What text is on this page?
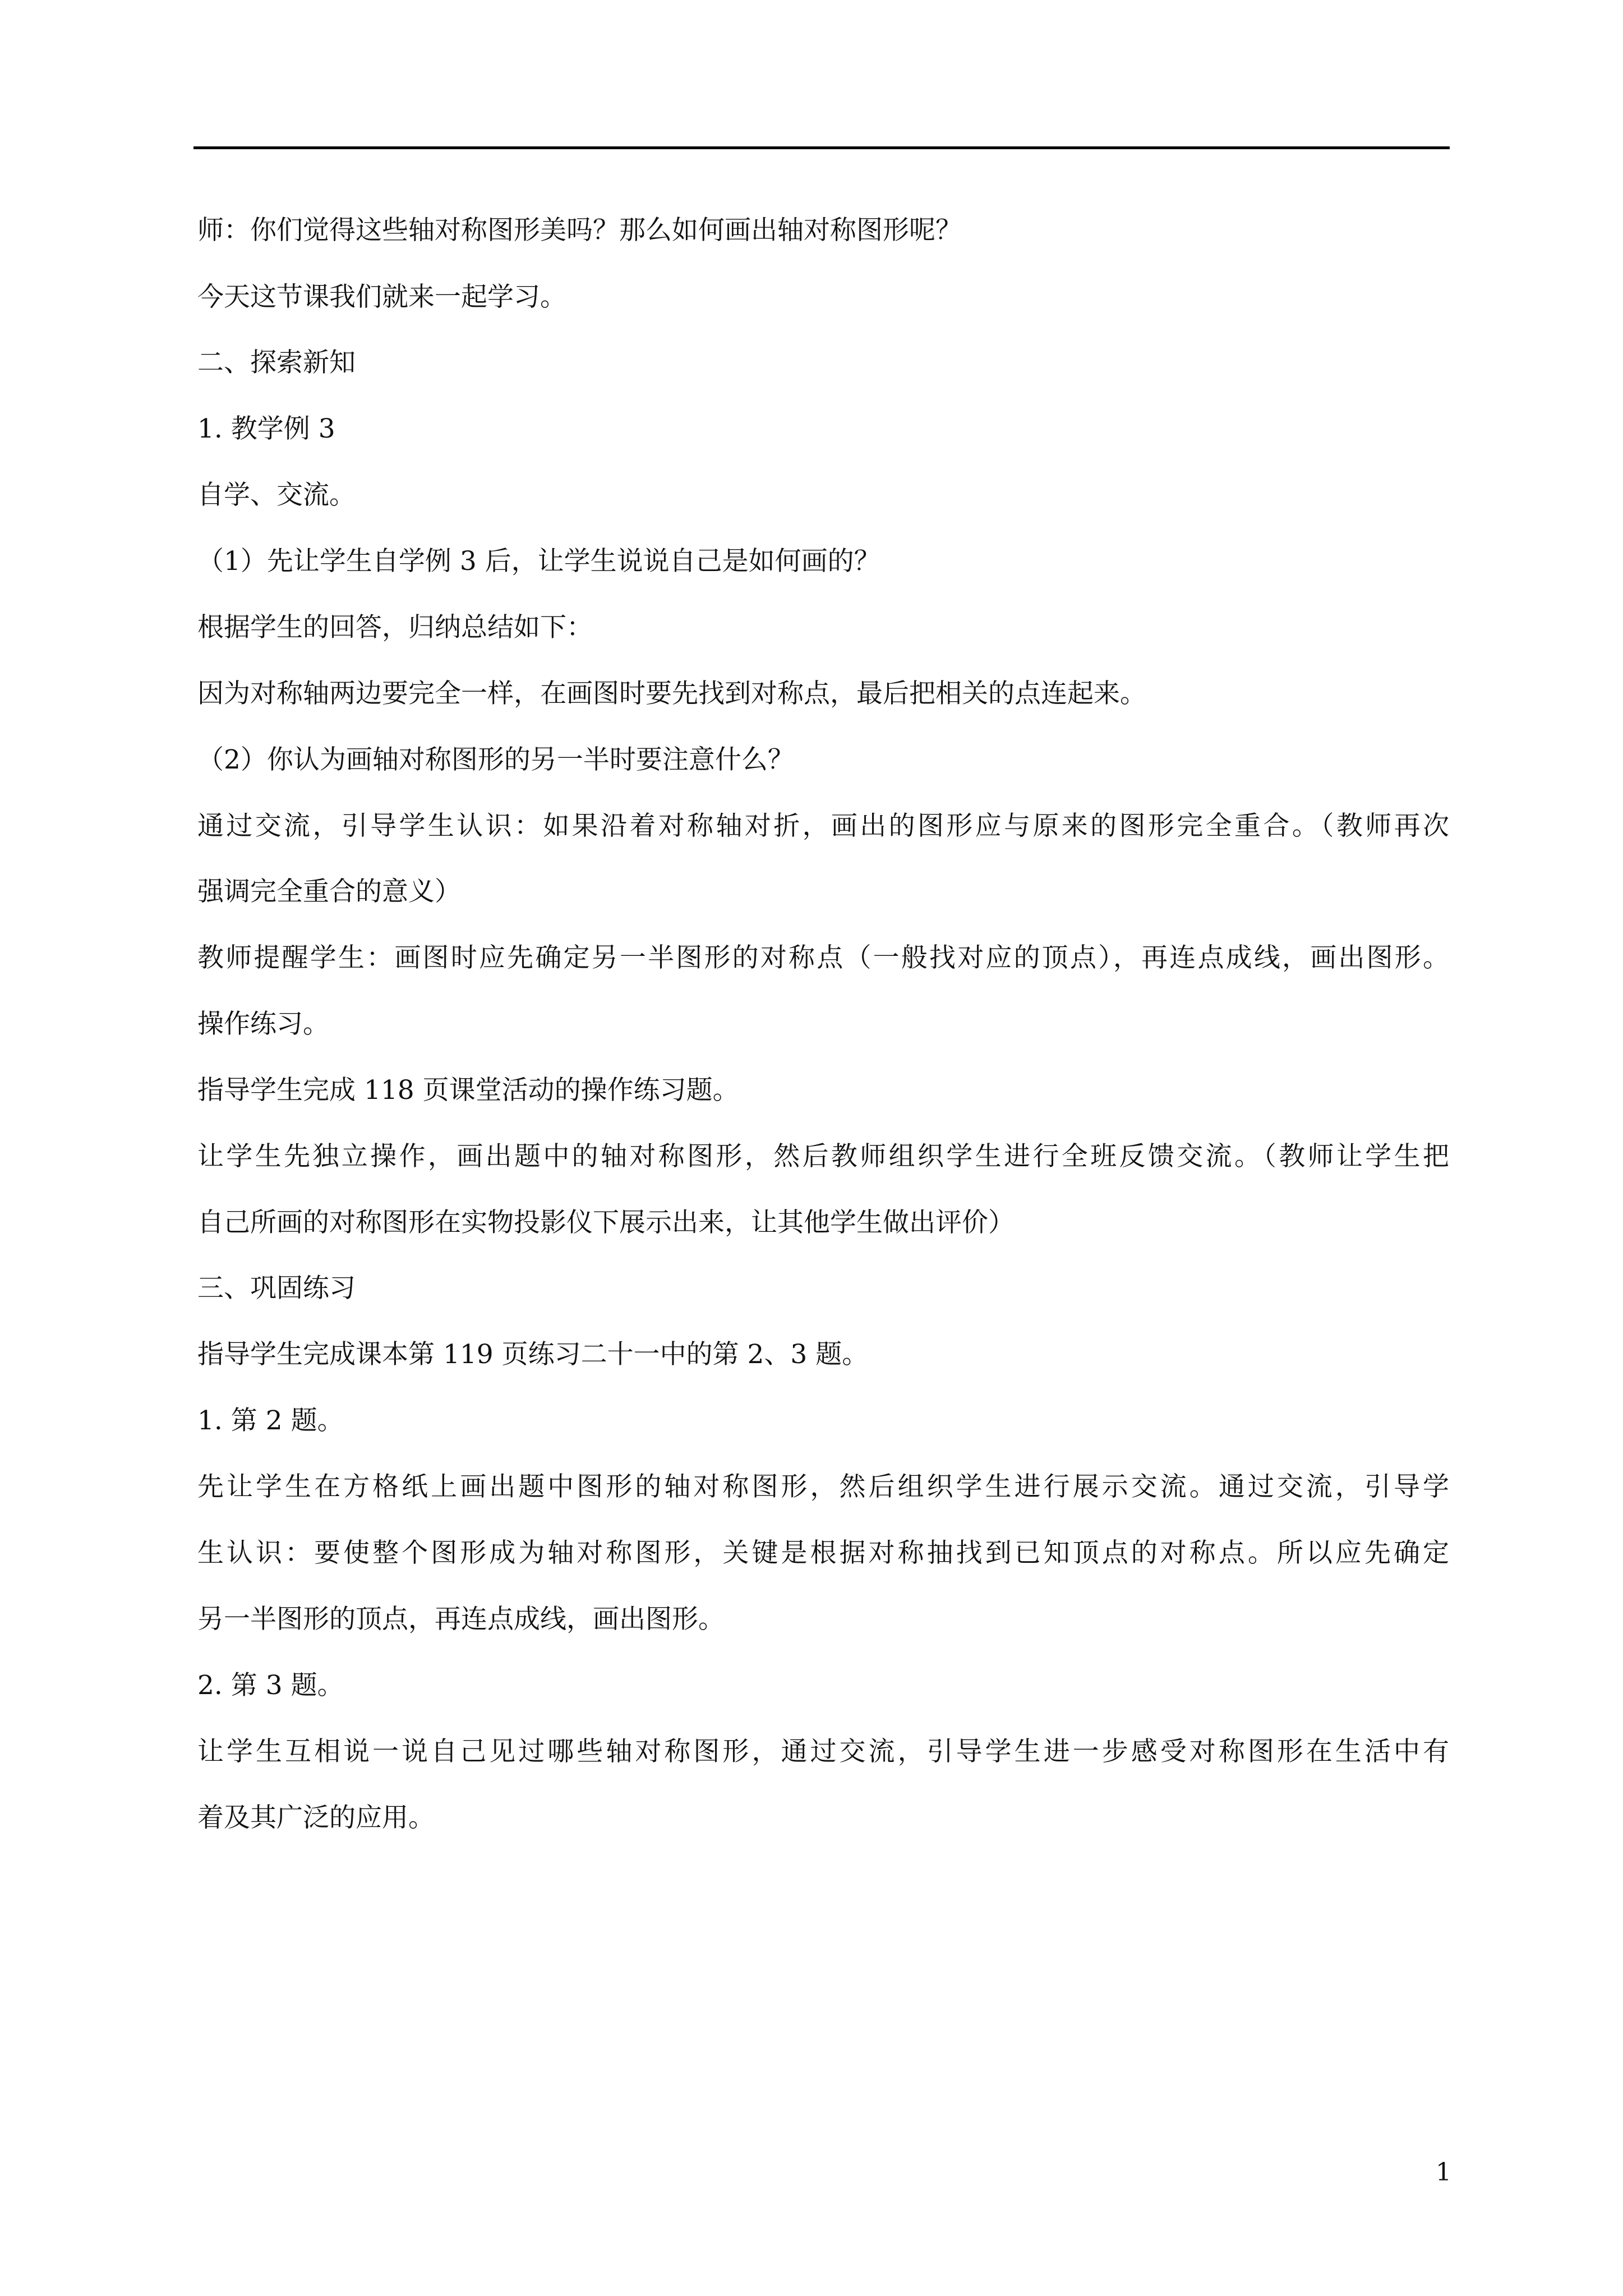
师：你们觉得这些轴对称图形美吗？那么如何画出轴对称图形呢？
今天这节课我们就来一起学习。
二、探索新知
1. 教学例 3
自学、交流。
（1）先让学生自学例 3 后，让学生说说自己是如何画的？
根据学生的回答，归纳总结如下：
因为对称轴两边要完全一样，在画图时要先找到对称点，最后把相关的点连起来。
（2）你认为画轴对称图形的另一半时要注意什么？
通过交流，引导学生认识：如果沿着对称轴对折，画出的图形应与原来的图形完全重合。（教师再次
强调完全重合的意义）
教师提醒学生：画图时应先确定另一半图形的对称点（一般找对应的顶点），再连点成线，画出图形。
操作练习。
指导学生完成 118 页课堂活动的操作练习题。
让学生先独立操作，画出题中的轴对称图形，然后教师组织学生进行全班反馈交流。（教师让学生把
自己所画的对称图形在实物投影仪下展示出来，让其他学生做出评价）
三、巩固练习
指导学生完成课本第 119 页练习二十一中的第 2、3 题。
1. 第 2 题。
先让学生在方格纸上画出题中图形的轴对称图形，然后组织学生进行展示交流。通过交流，引导学
生认识：要使整个图形成为轴对称图形，关键是根据对称抽找到已知顶点的对称点。所以应先确定
另一半图形的顶点，再连点成线，画出图形。
2. 第 3 题。
让学生互相说一说自己见过哪些轴对称图形，通过交流，引导学生进一步感受对称图形在生活中有
着及其广泛的应用。
1
